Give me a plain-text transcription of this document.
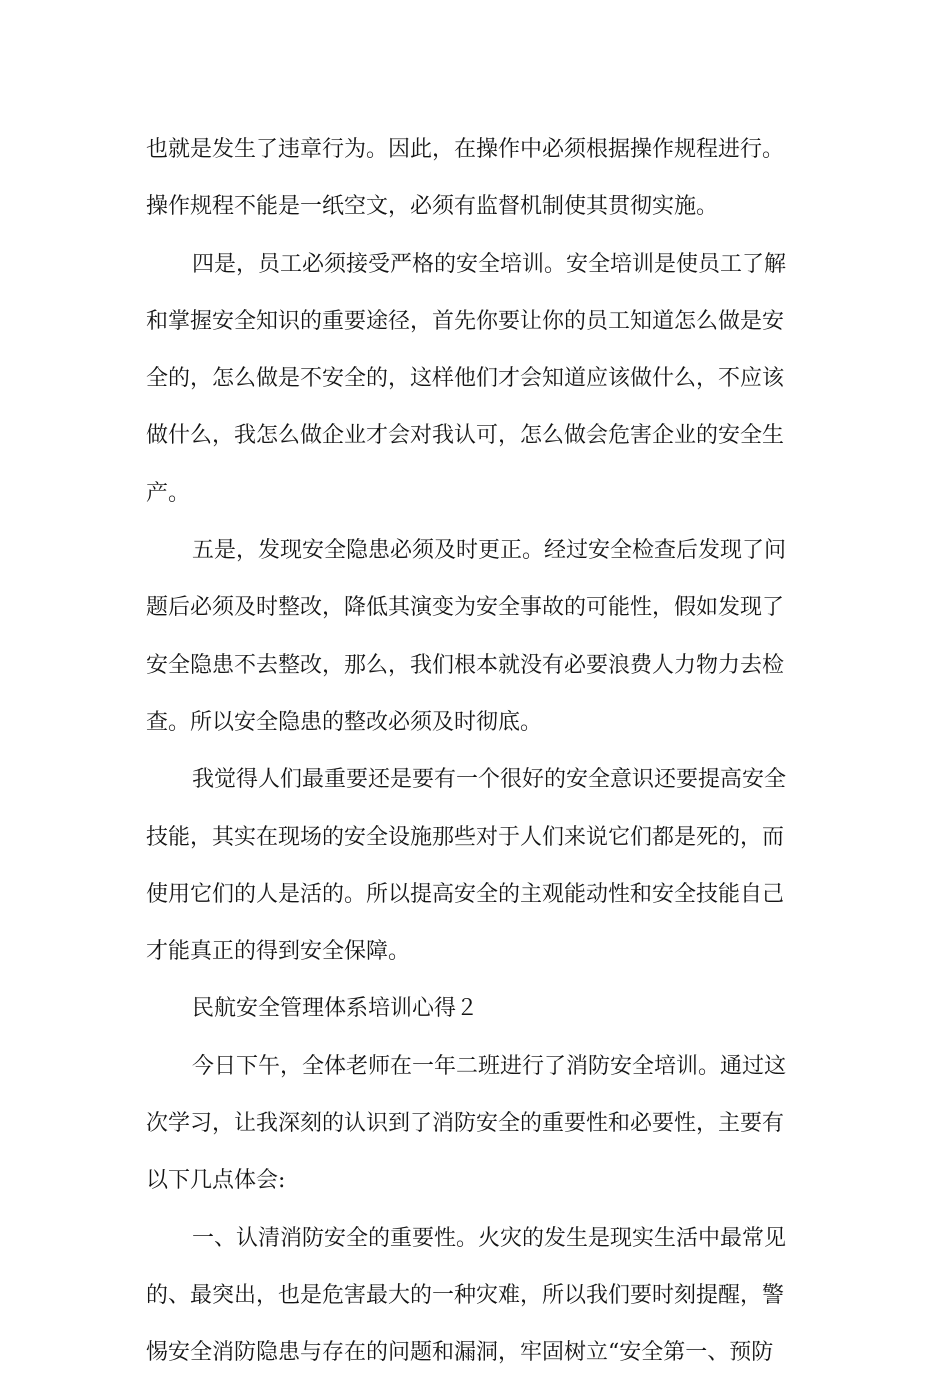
也就是发生了违章行为。因此，在操作中必须根据操作规程进行。
操作规程不能是一纸空文，必须有监督机制使其贯彻实施。
四是，员工必须接受严格的安全培训。安全培训是使员工了解
和掌握安全知识的重要途径，首先你要让你的员工知道怎么做是安
全的，怎么做是不安全的，这样他们才会知道应该做什么，不应该
做什么，我怎么做企业才会对我认可，怎么做会危害企业的安全生
产。
五是，发现安全隐患必须及时更正。经过安全检查后发现了问
题后必须及时整改，降低其演变为安全事故的可能性，假如发现了
安全隐患不去整改，那么，我们根本就没有必要浪费人力物力去检
查。所以安全隐患的整改必须及时彻底。
我觉得人们最重要还是要有一个很好的安全意识还要提高安全
技能，其实在现场的安全设施那些对于人们来说它们都是死的，而
使用它们的人是活的。所以提高安全的主观能动性和安全技能自己
才能真正的得到安全保障。
民航安全管理体系培训心得２
今日下午，全体老师在一年二班进行了消防安全培训。通过这
次学习，让我深刻的认识到了消防安全的重要性和必要性，主要有
以下几点体会:
一、认清消防安全的重要性。火灾的发生是现实生活中最常见
的、最突出，也是危害最大的一种灾难，所以我们要时刻提醒，警
惕安全消防隐患与存在的问题和漏洞，牢固树立“安全第一、预防
